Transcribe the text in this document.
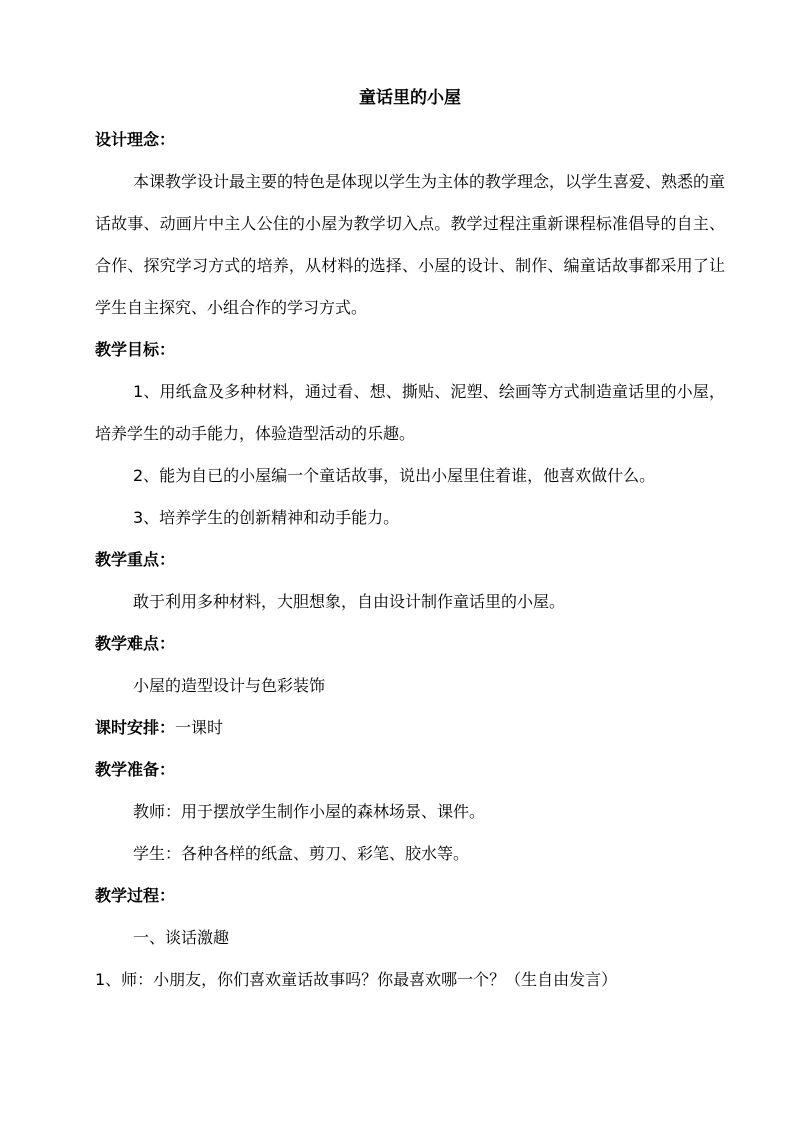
童话里的小屋
设计理念：
本课教学设计最主要的特色是体现以学生为主体的教学理念，以学生喜爱、熟悉的童话故事、动画片中主人公住的小屋为教学切入点。教学过程注重新课程标准倡导的自主、合作、探究学习方式的培养，从材料的选择、小屋的设计、制作、编童话故事都采用了让学生自主探究、小组合作的学习方式。
教学目标：
1、用纸盒及多种材料，通过看、想、撕贴、泥塑、绘画等方式制造童话里的小屋，培养学生的动手能力，体验造型活动的乐趣。
2、能为自已的小屋编一个童话故事，说出小屋里住着谁，他喜欢做什么。
3、培养学生的创新精神和动手能力。
教学重点：
敢于利用多种材料，大胆想象，自由设计制作童话里的小屋。
教学难点：
小屋的造型设计与色彩装饰
课时安排：一课时
教学准备：
教师：用于摆放学生制作小屋的森林场景、课件。
学生：各种各样的纸盒、剪刀、彩笔、胶水等。
教学过程：
一、谈话激趣
1、师：小朋友，你们喜欢童话故事吗？你最喜欢哪一个？（生自由发言）
